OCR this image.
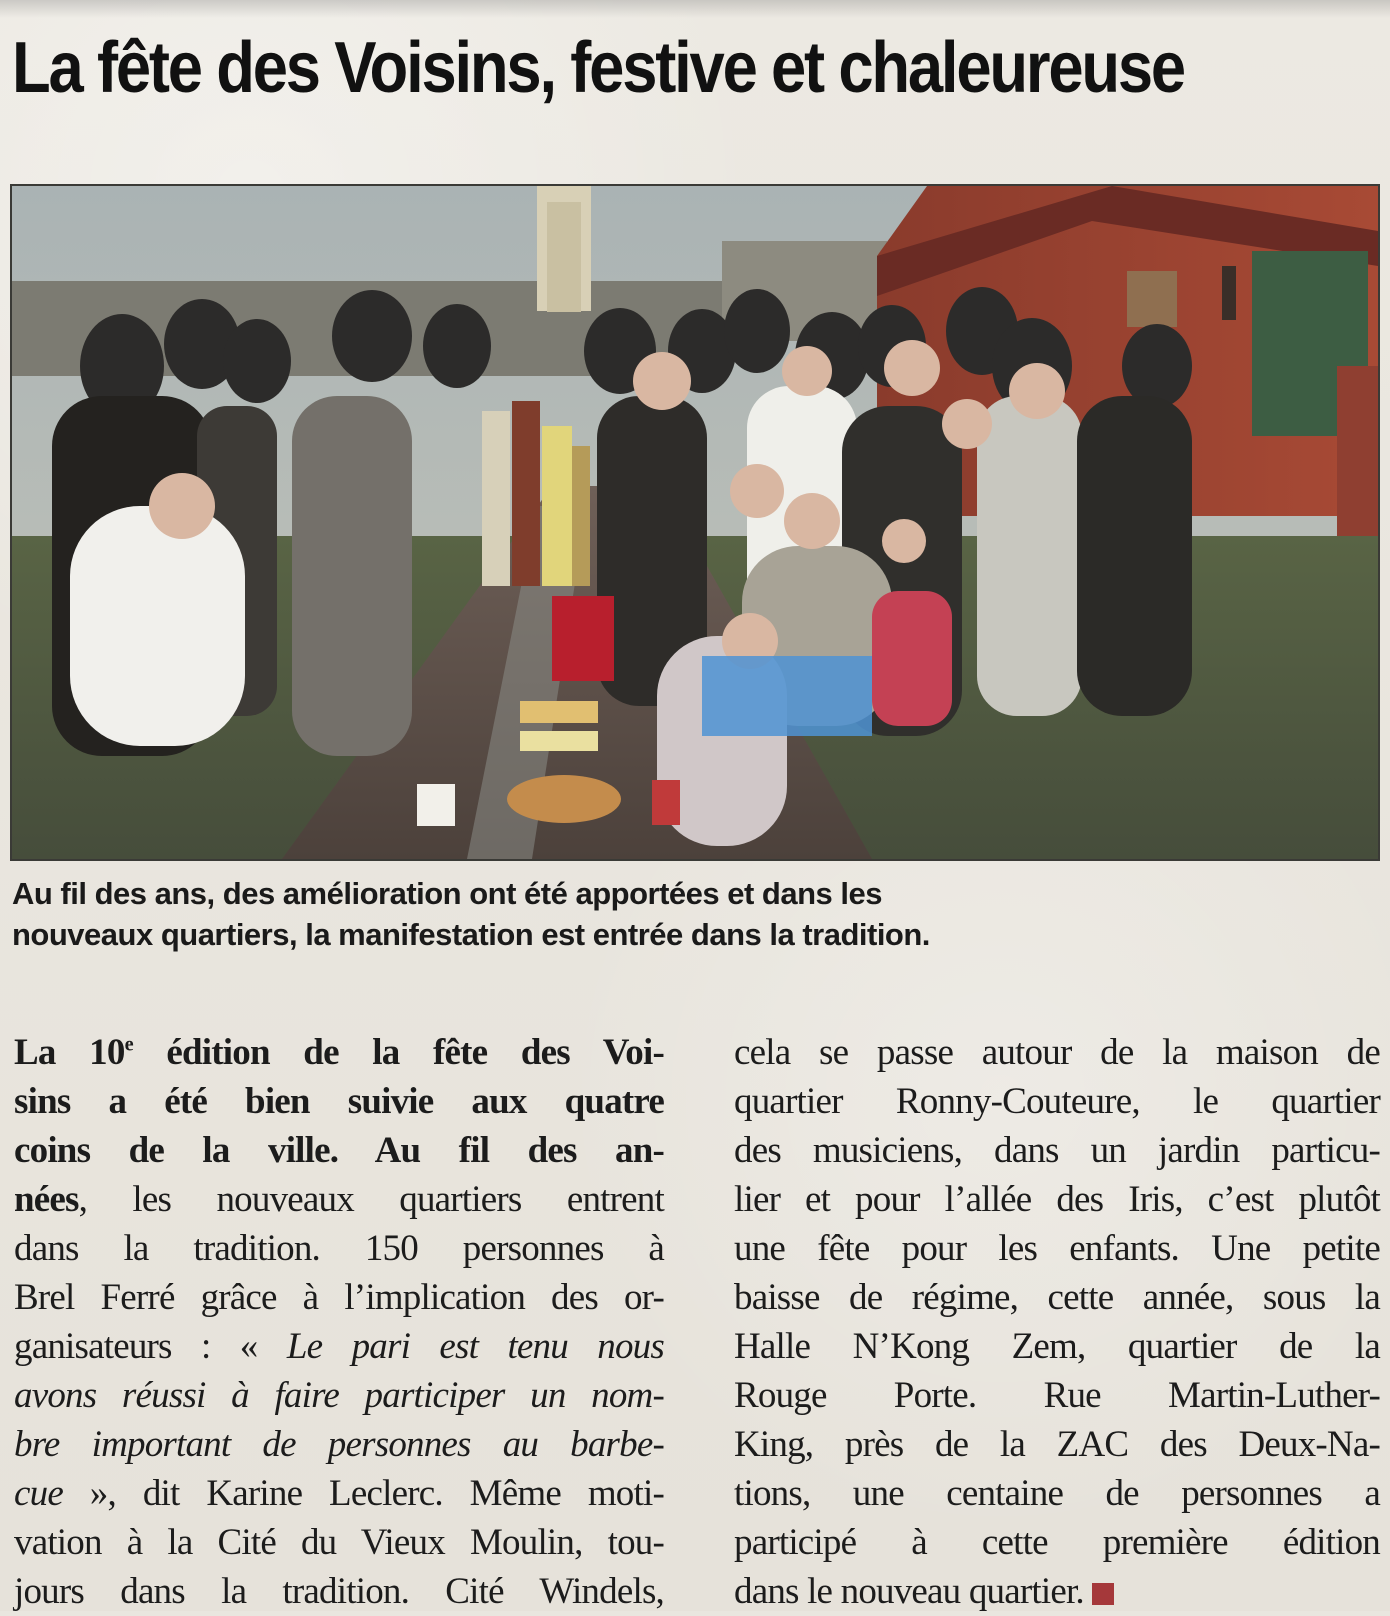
La fête des Voisins, festive et chaleureuse
Au fil des ans, des amélioration ont été apportées et dans les
nouveaux quartiers, la manifestation est entrée dans la tradition.
La 10e édition de la fête des Voi-
sins a été bien suivie aux quatre
coins de la ville. Au fil des an-
nées, les nouveaux quartiers entrent
dans la tradition. 150 personnes à
Brel Ferré grâce à l’implication des or-
ganisateurs : « Le pari est tenu nous
avons réussi à faire participer un nom-
bre important de personnes au barbe-
cue », dit Karine Leclerc. Même moti-
vation à la Cité du Vieux Moulin, tou-
jours dans la tradition. Cité Windels,
cela se passe autour de la maison de
quartier Ronny-Couteure, le quartier
des musiciens, dans un jardin particu-
lier et pour l’allée des Iris, c’est plutôt
une fête pour les enfants. Une petite
baisse de régime, cette année, sous la
Halle N’Kong Zem, quartier de la
Rouge Porte. Rue Martin-Luther-
King, près de la ZAC des Deux-Na-
tions, une centaine de personnes a
participé à cette première édition
dans le nouveau quartier.
